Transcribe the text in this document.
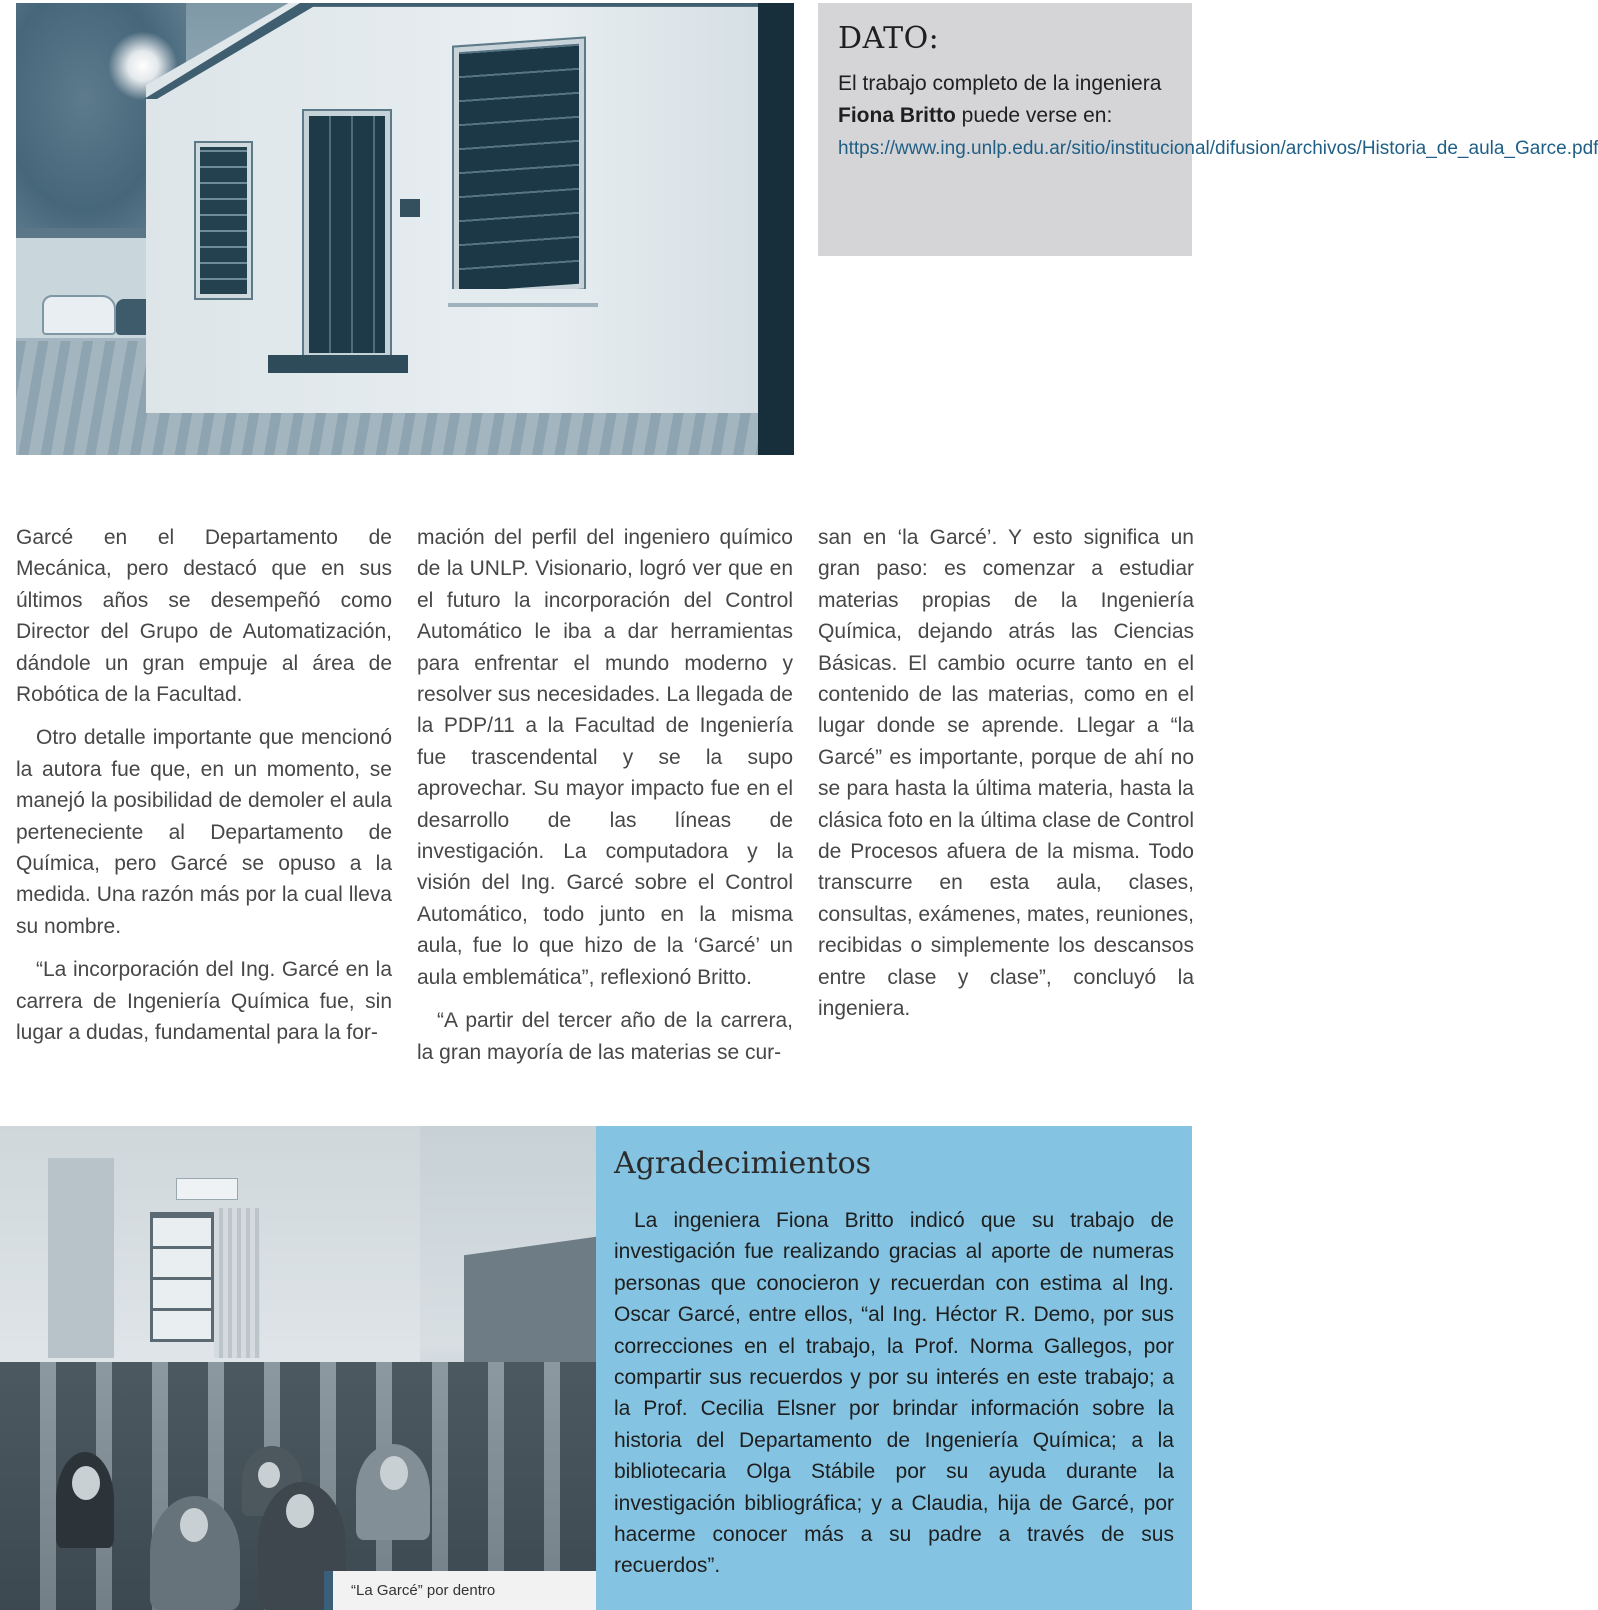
DATO:
El trabajo completo de la ingeniera Fiona Britto puede verse en: https://www.ing.unlp.edu.ar/sitio/institucional/difusion/archivos/Historia_de_aula_Garce.pdf

Garcé en el Departamento de Mecánica, pero destacó que en sus últimos años se desempeñó como Director del Grupo de Automatización, dándole un gran empuje al área de Robótica de la Facultad.

Otro detalle importante que mencionó la autora fue que, en un momento, se manejó la posibilidad de demoler el aula perteneciente al Departamento de Química, pero Garcé se opuso a la medida. Una razón más por la cual lleva su nombre.

“La incorporación del Ing. Garcé en la carrera de Ingeniería Química fue, sin lugar a dudas, fundamental para la for-

mación del perfil del ingeniero químico de la UNLP. Visionario, logró ver que en el futuro la incorporación del Control Automático le iba a dar herramientas para enfrentar el mundo moderno y resolver sus necesidades. La llegada de la PDP/11 a la Facultad de Ingeniería fue trascendental y se la supo aprovechar. Su mayor impacto fue en el desarrollo de las líneas de investigación. La computadora y la visión del Ing. Garcé sobre el Control Automático, todo junto en la misma aula, fue lo que hizo de la ‘Garcé’ un aula emblemática”, reflexionó Britto.

“A partir del tercer año de la carrera, la gran mayoría de las materias se cur-

san en ‘la Garcé’. Y esto significa un gran paso: es comenzar a estudiar materias propias de la Ingeniería Química, dejando atrás las Ciencias Básicas. El cambio ocurre tanto en el contenido de las materias, como en el lugar donde se aprende. Llegar a “la Garcé” es importante, porque de ahí no se para hasta la última materia, hasta la clásica foto en la última clase de Control de Procesos afuera de la misma. Todo transcurre en esta aula, clases, consultas, exámenes, mates, reuniones, recibidas o simplemente los descansos entre clase y clase”, concluyó la ingeniera.

“La Garcé” por dentro
Agradecimientos

La ingeniera Fiona Britto indicó que su trabajo de investigación fue realizando gracias al aporte de numeras personas que conocieron y recuerdan con estima al Ing. Oscar Garcé, entre ellos, “al Ing. Héctor R. Demo, por sus correcciones en el trabajo, la Prof. Norma Gallegos, por compartir sus recuerdos y por su interés en este trabajo; a la Prof. Cecilia Elsner por brindar información sobre la historia del Departamento de Ingeniería Química; a la bibliotecaria Olga Stábile por su ayuda durante la investigación bibliográfica; y a Claudia, hija de Garcé, por hacerme conocer más a su padre a través de sus recuerdos”.
